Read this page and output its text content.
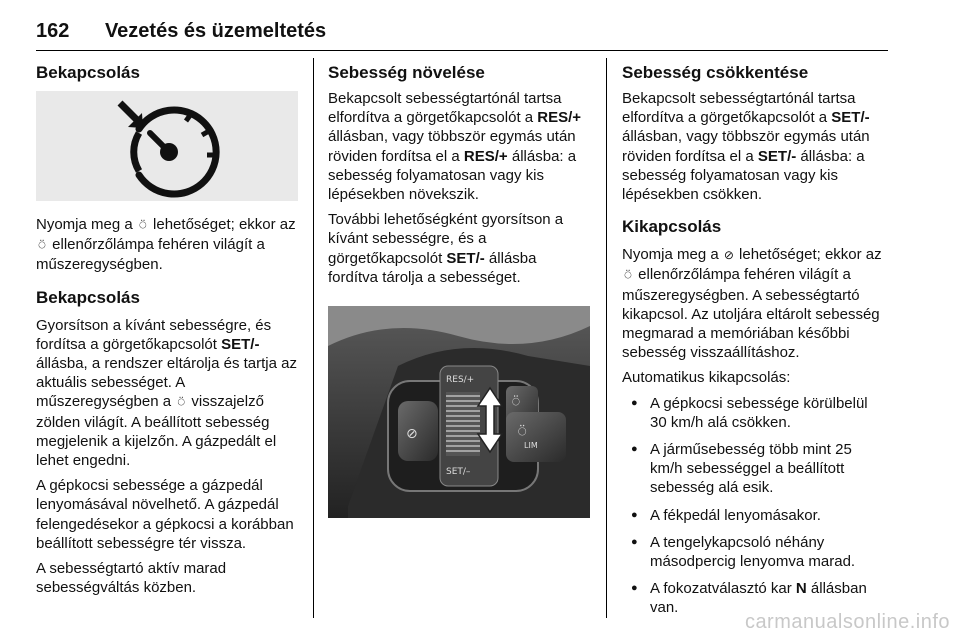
162 Vezetés és üzemeltetés
Bekapcsolás

Nyomja meg a ⍥ lehetőséget; ekkor az ⍥ ellenőrzőlámpa fehéren világít a műszeregységben.

Bekapcsolás

Gyorsítson a kívánt sebességre, és fordítsa a görgetőkapcsolót SET/- állásba, a rendszer eltárolja és tartja az aktuális sebességet. A műszeregységben a ⍥ visszajelző zölden világít. A beállított sebesség megjelenik a kijelzőn. A gázpedált el lehet engedni.

A gépkocsi sebessége a gázpedál lenyomásával növelhető. A gázpedál felengedésekor a gépkocsi a korábban beállított sebességre tér vissza.

A sebességtartó aktív marad sebességváltás közben.

Sebesség növelése

Bekapcsolt sebességtartónál tartsa elfordítva a görgetőkapcsolót a RES/+ állásban, vagy többször egymás után röviden fordítsa el a RES/+ állásba: a sebesség folyamatosan vagy kis lépésekben növekszik.

További lehetőségként gyorsítson a kívánt sebességre, és a görgetőkapcsolót SET/- állásba fordítva tárolja a sebességet.

⊘
RES/+
SET/–
⍥
⍥
LIM
Sebesség csökkentése

Bekapcsolt sebességtartónál tartsa elfordítva a görgetőkapcsolót a SET/- állásban, vagy többször egymás után röviden fordítsa el a SET/- állásba: a sebesség folyamatosan vagy kis lépésekben csökken.

Kikapcsolás

Nyomja meg a ⊘ lehetőséget; ekkor az ⍥ ellenőrzőlámpa fehéren világít a műszeregységben. A sebességtartó kikapcsol. Az utoljára eltárolt sebesség megmarad a memóriában későbbi sebesség visszaállításhoz.

Automatikus kikapcsolás:

● A gépkocsi sebessége körülbelül 30 km/h alá csökken.
● A járműsebesség több mint 25 km/h sebességgel a beállított sebesség alá esik.
● A fékpedál lenyomásakor.
● A tengelykapcsoló néhány másodpercig lenyomva marad.
● A fokozatválasztó kar N állásban van.
carmanualsonline.info
